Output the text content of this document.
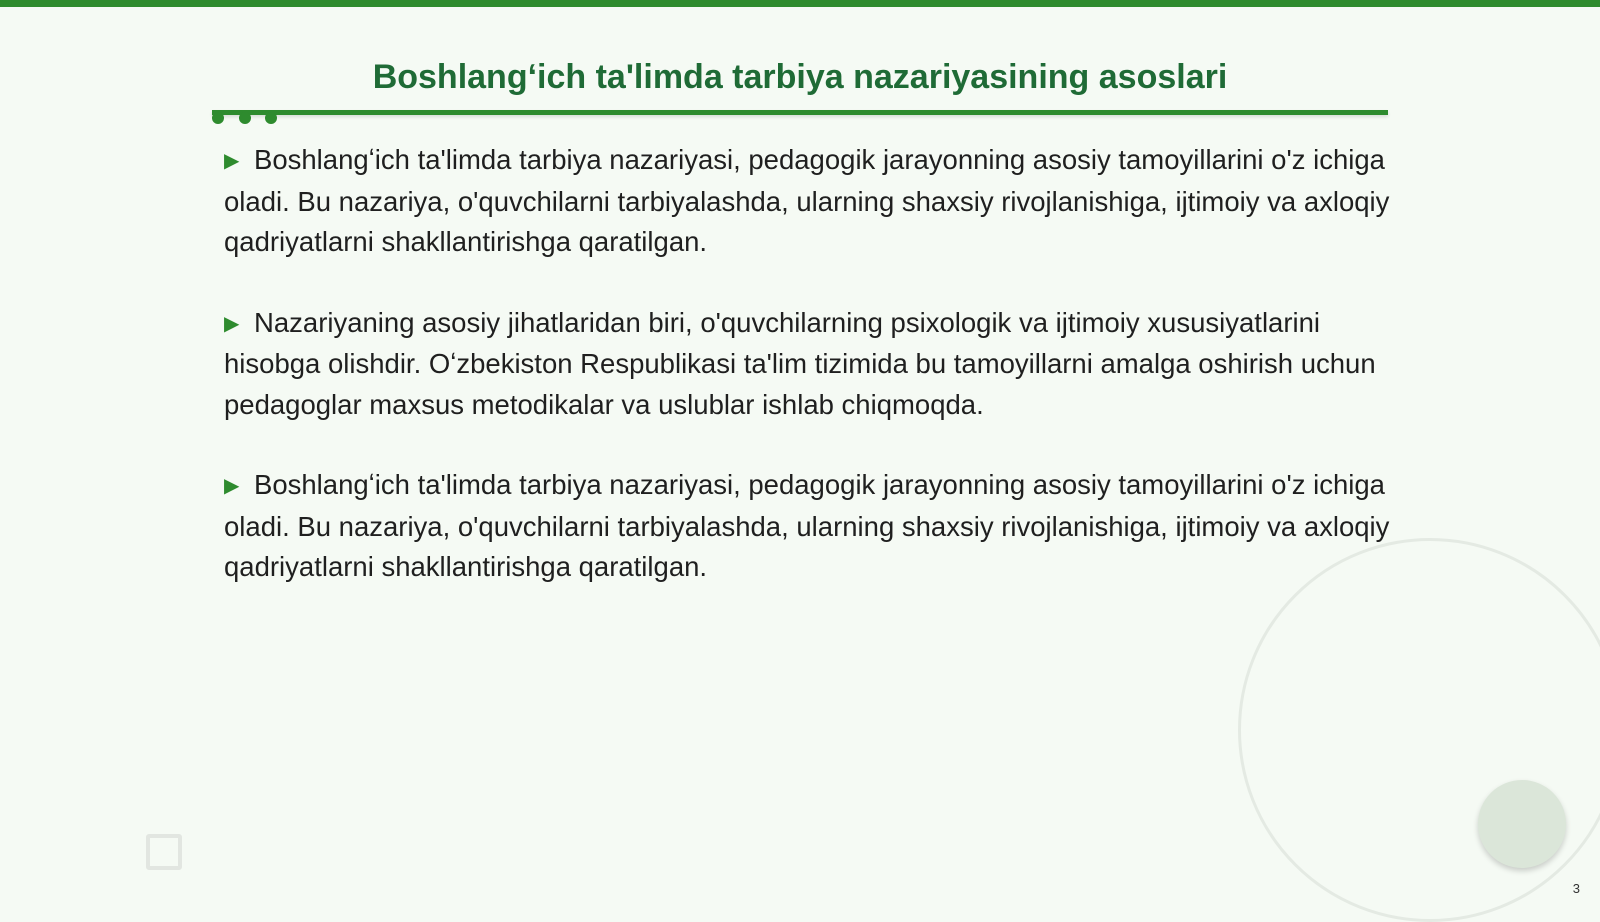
Boshlangʻich ta'limda tarbiya nazariyasining asoslari

▶ Boshlangʻich ta'limda tarbiya nazariyasi, pedagogik jarayonning asosiy tamoyillarini o'z ichiga oladi. Bu nazariya, o'quvchilarni tarbiyalashda, ularning shaxsiy rivojlanishiga, ijtimoiy va axloqiy qadriyatlarni shakllantirishga qaratilgan.

▶ Nazariyaning asosiy jihatlaridan biri, o'quvchilarning psixologik va ijtimoiy xususiyatlarini hisobga olishdir. Oʻzbekiston Respublikasi ta'lim tizimida bu tamoyillarni amalga oshirish uchun pedagoglar maxsus metodikalar va uslublar ishlab chiqmoqda.

▶ Boshlangʻich ta'limda tarbiya nazariyasi, pedagogik jarayonning asosiy tamoyillarini o'z ichiga oladi. Bu nazariya, o'quvchilarni tarbiyalashda, ularning shaxsiy rivojlanishiga, ijtimoiy va axloqiy qadriyatlarni shakllantirishga qaratilgan.

3
